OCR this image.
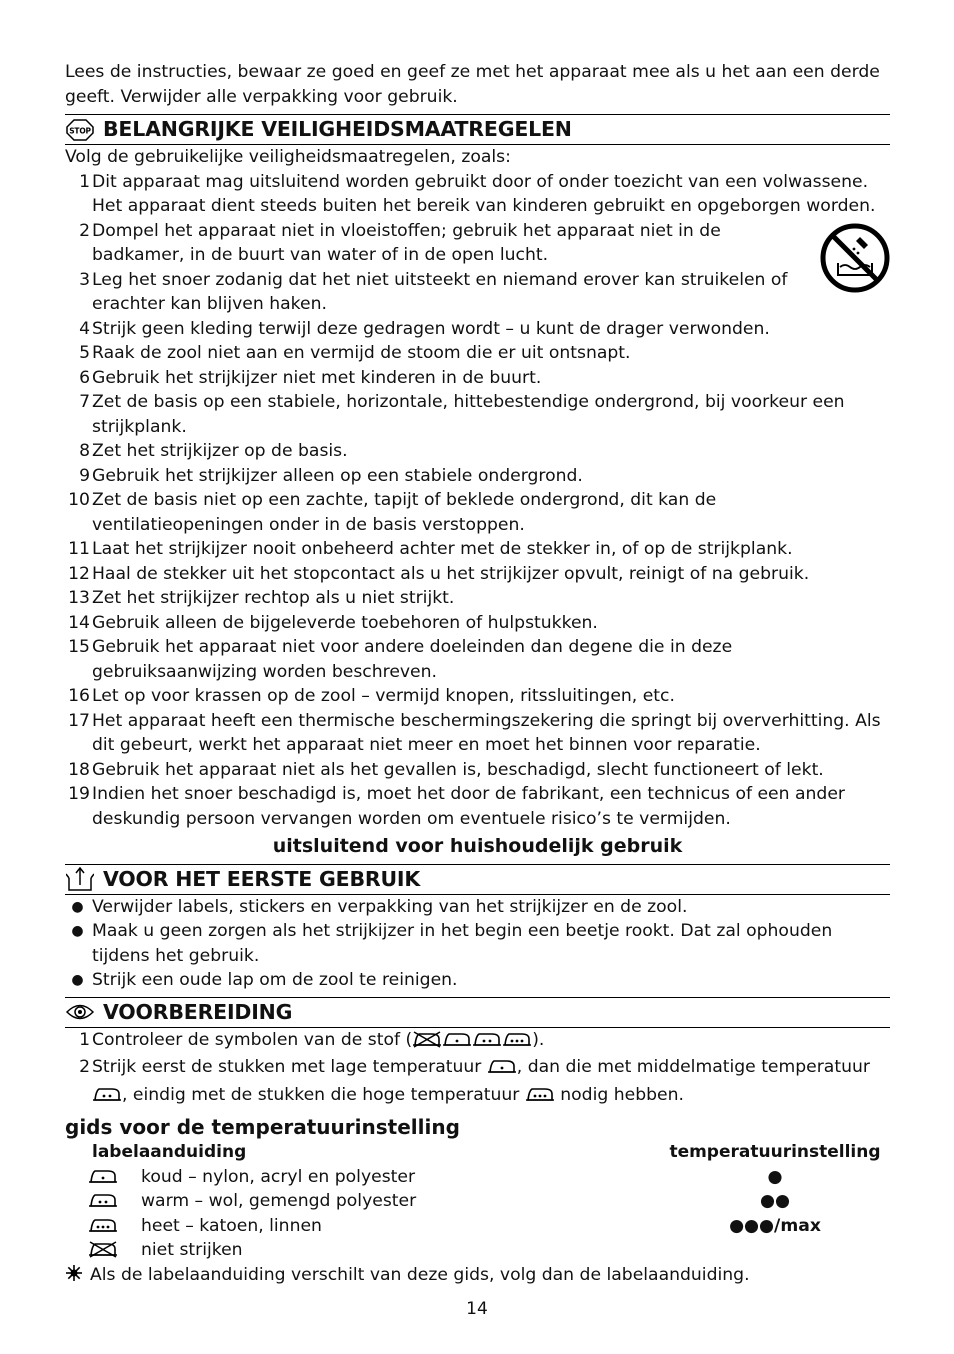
Lees de instructies, bewaar ze goed en geef ze met het apparaat mee als u het aan een derde geeft. Verwijder alle verpakking voor gebruik.

STOP BELANGRIJKE VEILIGHEIDSMAATREGELEN

Volg de gebruikelijke veiligheidsmaatregelen, zoals:

1 Dit apparaat mag uitsluitend worden gebruikt door of onder toezicht van een volwassene. Het apparaat dient steeds buiten het bereik van kinderen gebruikt en opgeborgen worden.
2 Dompel het apparaat niet in vloeistoffen; gebruik het apparaat niet in de badkamer, in de buurt van water of in de open lucht.
3 Leg het snoer zodanig dat het niet uitsteekt en niemand erover kan struikelen of erachter kan blijven haken.
4 Strijk geen kleding terwijl deze gedragen wordt – u kunt de drager verwonden.
5 Raak de zool niet aan en vermijd de stoom die er uit ontsnapt.
6 Gebruik het strijkijzer niet met kinderen in de buurt.
7 Zet de basis op een stabiele, horizontale, hittebestendige ondergrond, bij voorkeur een strijkplank.
8 Zet het strijkijzer op de basis.
9 Gebruik het strijkijzer alleen op een stabiele ondergrond.
10 Zet de basis niet op een zachte, tapijt of beklede ondergrond, dit kan de ventilatieopeningen onder in de basis verstoppen.
11 Laat het strijkijzer nooit onbeheerd achter met de stekker in, of op de strijkplank.
12 Haal de stekker uit het stopcontact als u het strijkijzer opvult, reinigt of na gebruik.
13 Zet het strijkijzer rechtop als u niet strijkt.
14 Gebruik alleen de bijgeleverde toebehoren of hulpstukken.
15 Gebruik het apparaat niet voor andere doeleinden dan degene die in deze gebruiksaanwijzing worden beschreven.
16 Let op voor krassen op de zool – vermijd knopen, ritssluitingen, etc.
17 Het apparaat heeft een thermische beschermingszekering die springt bij oververhitting. Als dit gebeurt, werkt het apparaat niet meer en moet het binnen voor reparatie.
18 Gebruik het apparaat niet als het gevallen is, beschadigd, slecht functioneert of lekt.
19 Indien het snoer beschadigd is, moet het door de fabrikant, een technicus of een ander deskundig persoon vervangen worden om eventuele risico’s te vermijden.
uitsluitend voor huishoudelijk gebruik
VOOR HET EERSTE GEBRUIK
● Verwijder labels, stickers en verpakking van het strijkijzer en de zool.
● Maak u geen zorgen als het strijkijzer in het begin een beetje rookt. Dat zal ophouden tijdens het gebruik.
● Strijk een oude lap om de zool te reinigen.
VOORBEREIDING
1 Controleer de symbolen van de stof (	).
2 Strijk eerst de stukken met lage temperatuur , dan die met middelmatige temperatuur , eindig met de stukken die hoge temperatuur nodig hebben.
gids voor de temperatuurinstelling
labelaanduiding		temperatuurinstelling
	koud – nylon, acryl en polyester	●
	warm – wol, gemengd polyester	●●
	heet – katoen, linnen	●●●/max
	niet strijken	
Als de labelaanduiding verschilt van deze gids, volg dan de labelaanduiding.
14
